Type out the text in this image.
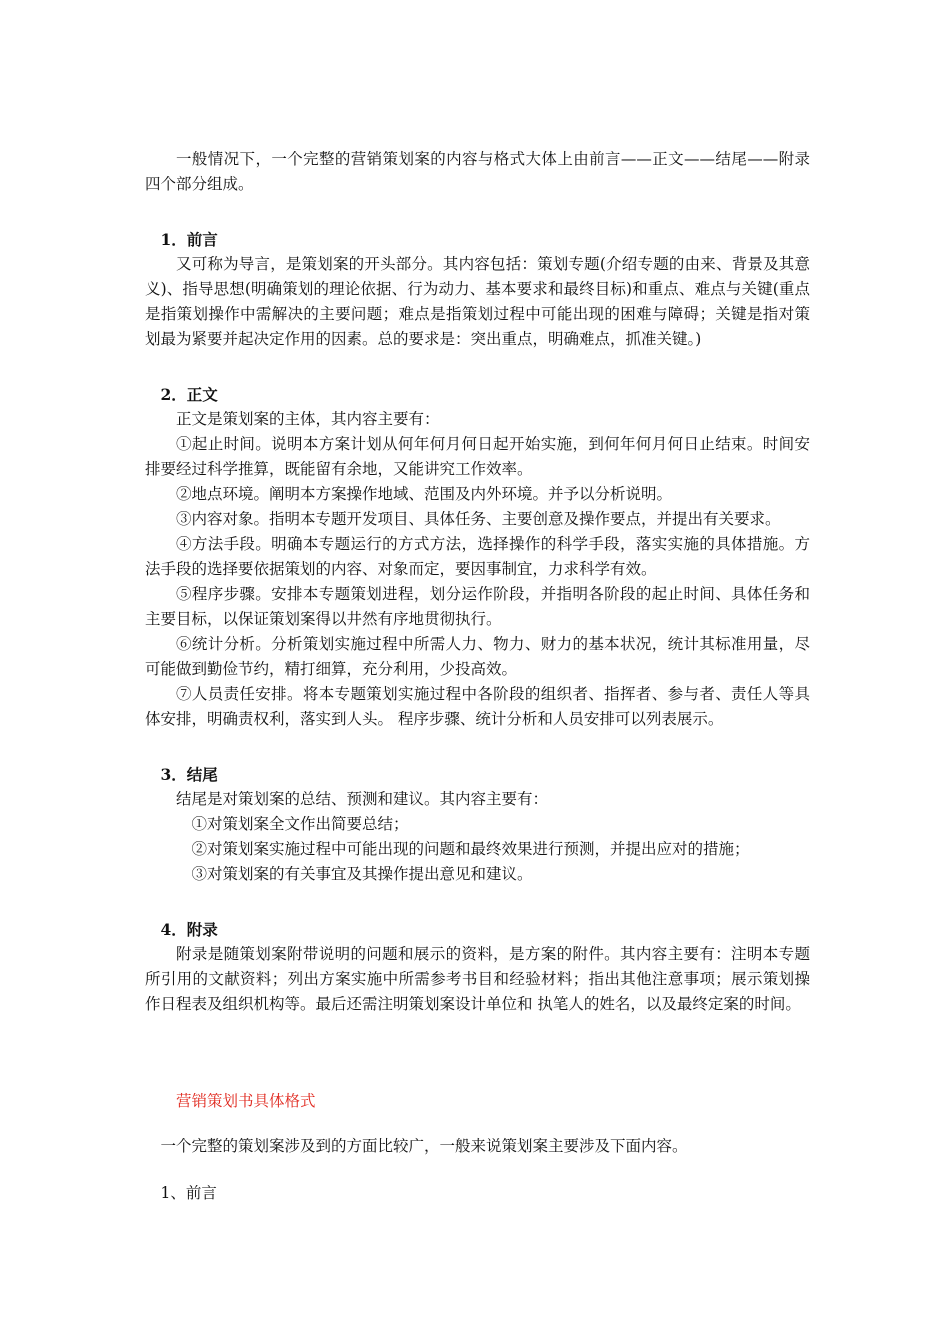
一般情况下，一个完整的营销策划案的内容与格式大体上由前言——正文——结尾——附录四个部分组成。

1．前言

又可称为导言，是策划案的开头部分。其内容包括：策划专题(介绍专题的由来、背景及其意义)、指导思想(明确策划的理论依据、行为动力、基本要求和最终目标)和重点、难点与关键(重点是指策划操作中需解决的主要问题；难点是指策划过程中可能出现的困难与障碍；关键是指对策划最为紧要并起决定作用的因素。总的要求是：突出重点，明确难点，抓准关键。)

2．正文

正文是策划案的主体，其内容主要有：

①起止时间。说明本方案计划从何年何月何日起开始实施，到何年何月何日止结束。时间安排要经过科学推算，既能留有余地，又能讲究工作效率。

②地点环境。阐明本方案操作地域、范围及内外环境。并予以分析说明。

③内容对象。指明本专题开发项目、具体任务、主要创意及操作要点，并提出有关要求。

④方法手段。明确本专题运行的方式方法，选择操作的科学手段，落实实施的具体措施。方法手段的选择要依据策划的内容、对象而定，要因事制宜，力求科学有效。

⑤程序步骤。安排本专题策划进程，划分运作阶段，并指明各阶段的起止时间、具体任务和主要目标，以保证策划案得以井然有序地贯彻执行。

⑥统计分析。分析策划实施过程中所需人力、物力、财力的基本状况，统计其标准用量，尽可能做到勤俭节约，精打细算，充分利用，少投高效。

⑦人员责任安排。将本专题策划实施过程中各阶段的组织者、指挥者、参与者、责任人等具体安排，明确责权利，落实到人头。 程序步骤、统计分析和人员安排可以列表展示。

3．结尾

结尾是对策划案的总结、预测和建议。其内容主要有：

①对策划案全文作出简要总结；

②对策划案实施过程中可能出现的问题和最终效果进行预测，并提出应对的措施；

③对策划案的有关事宜及其操作提出意见和建议。

4．附录

附录是随策划案附带说明的问题和展示的资料，是方案的附件。其内容主要有：注明本专题所引用的文献资料；列出方案实施中所需参考书目和经验材料；指出其他注意事项；展示策划操作日程表及组织机构等。最后还需注明策划案设计单位和 执笔人的姓名，以及最终定案的时间。

营销策划书具体格式

一个完整的策划案涉及到的方面比较广，一般来说策划案主要涉及下面内容。

1、前言
